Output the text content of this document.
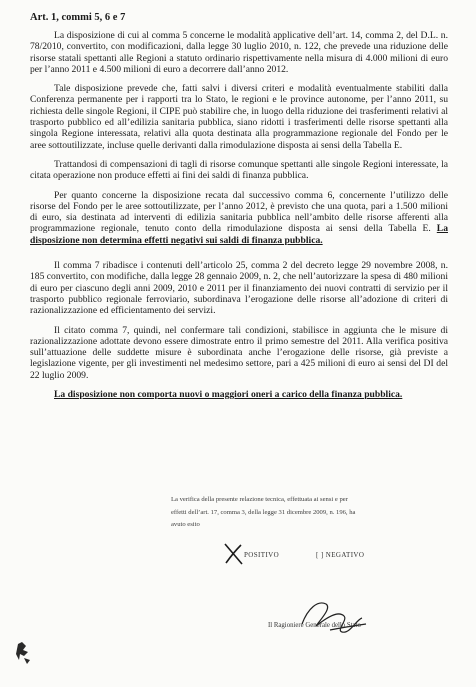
Art. 1, commi 5, 6 e 7

La disposizione di cui al comma 5 concerne le modalità applicative dell’art. 14, comma 2, del D.L. n. 78/2010, convertito, con modificazioni, dalla legge 30 luglio 2010, n. 122, che prevede una riduzione delle risorse statali spettanti alle Regioni a statuto ordinario rispettivamente nella misura di 4.000 milioni di euro per l’anno 2011 e 4.500 milioni di euro a decorrere dall’anno 2012.

Tale disposizione prevede che, fatti salvi i diversi criteri e modalità eventualmente stabiliti dalla Conferenza permanente per i rapporti tra lo Stato, le regioni e le province autonome, per l’anno 2011, su richiesta delle singole Regioni, il CIPE può stabilire che, in luogo della riduzione dei trasferimenti relativi al trasporto pubblico ed all’edilizia sanitaria pubblica, siano ridotti i trasferimenti delle risorse spettanti alla singola Regione interessata, relativi alla quota destinata alla programmazione regionale del Fondo per le aree sottoutilizzate, incluse quelle derivanti dalla rimodulazione disposta ai sensi della Tabella E.

Trattandosi di compensazioni di tagli di risorse comunque spettanti alle singole Regioni interessate, la citata operazione non produce effetti ai fini dei saldi di finanza pubblica.

Per quanto concerne la disposizione recata dal successivo comma 6, concernente l’utilizzo delle risorse del Fondo per le aree sottoutilizzate, per l’anno 2012, è previsto che una quota, pari a 1.500 milioni di euro, sia destinata ad interventi di edilizia sanitaria pubblica nell’ambito delle risorse afferenti alla programmazione regionale, tenuto conto della rimodulazione disposta ai sensi della Tabella E. La disposizione non determina effetti negativi sui saldi di finanza pubblica.

Il comma 7 ribadisce i contenuti dell’articolo 25, comma 2 del decreto legge 29 novembre 2008, n. 185 convertito, con modifiche, dalla legge 28 gennaio 2009, n. 2, che nell’autorizzare la spesa di 480 milioni di euro per ciascuno degli anni 2009, 2010 e 2011 per il finanziamento dei nuovi contratti di servizio per il trasporto pubblico regionale ferroviario, subordinava l’erogazione delle risorse all’adozione di criteri di razionalizzazione ed efficientamento dei servizi.

Il citato comma 7, quindi, nel confermare tali condizioni, stabilisce in aggiunta che le misure di razionalizzazione adottate devono essere dimostrate entro il primo semestre del 2011. Alla verifica positiva sull’attuazione delle suddette misure è subordinata anche l’erogazione delle risorse, già previste a legislazione vigente, per gli investimenti nel medesimo settore, pari a 425 milioni di euro ai sensi del DI del 22 luglio 2009.

La disposizione non comporta nuovi o maggiori oneri a carico della finanza pubblica.

La verifica della presente relazione tecnica, effettuata ai sensi e per
effetti dell’art. 17, comma 3, della legge 31 dicembre 2009, n. 196, ha
avuto esito
POSITIVO	[ ] NEGATIVO
Il Ragioniere Generale dello Stato
